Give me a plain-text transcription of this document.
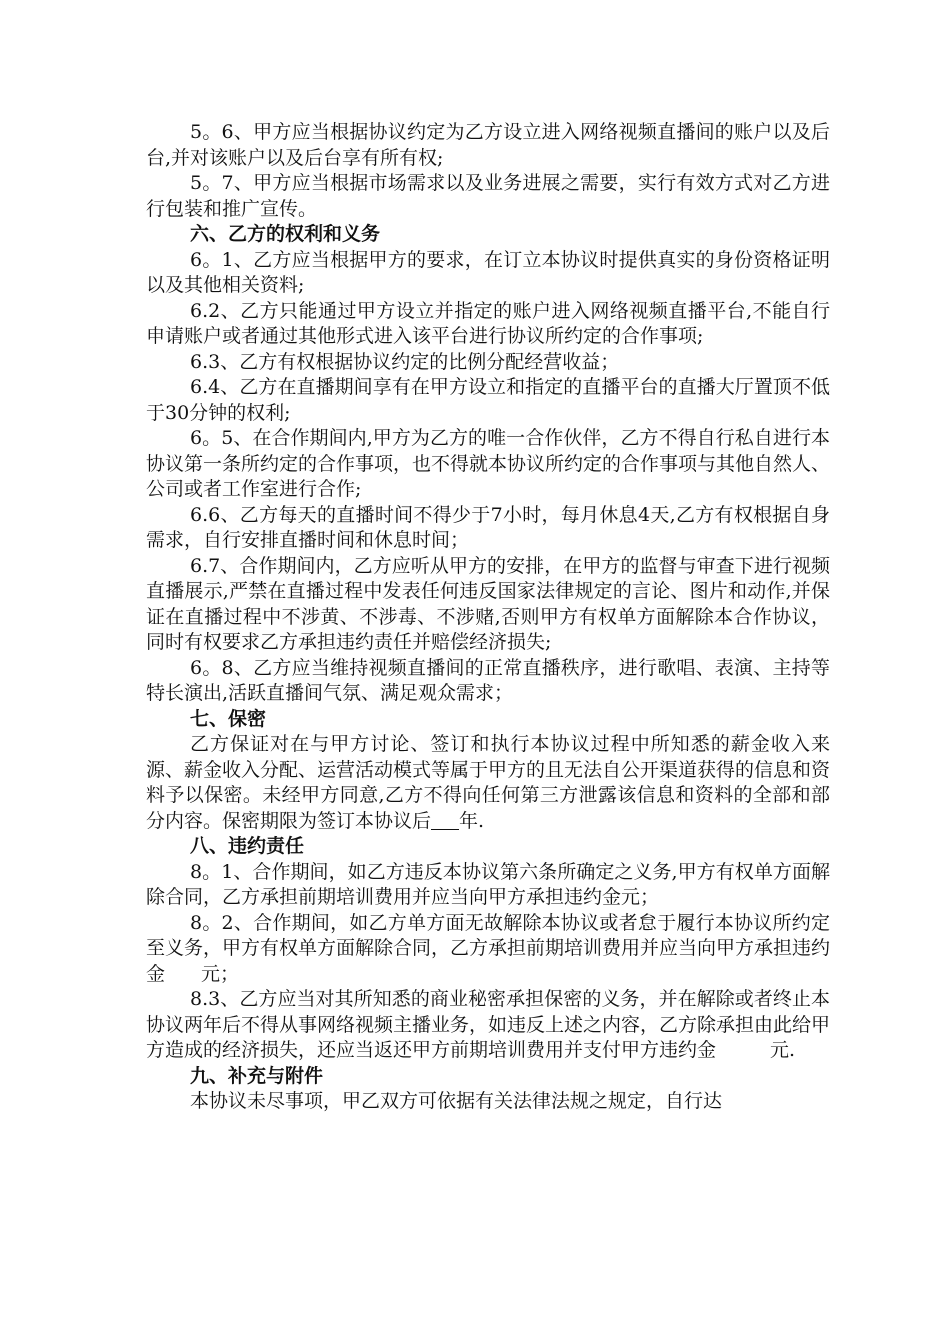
5。6、甲方应当根据协议约定为乙方设立进入网络视频直播间的账户以及后台,并对该账户以及后台享有所有权;

5。7、甲方应当根据市场需求以及业务进展之需要，实行有效方式对乙方进行包装和推广宣传。

六、乙方的权利和义务

6。1、乙方应当根据甲方的要求，在订立本协议时提供真实的身份资格证明以及其他相关资料;

6.2、乙方只能通过甲方设立并指定的账户进入网络视频直播平台,不能自行申请账户或者通过其他形式进入该平台进行协议所约定的合作事项;

6.3、乙方有权根据协议约定的比例分配经营收益；

6.4、乙方在直播期间享有在甲方设立和指定的直播平台的直播大厅置顶不低于30分钟的权利;

6。5、在合作期间内,甲方为乙方的唯一合作伙伴，乙方不得自行私自进行本协议第一条所约定的合作事项，也不得就本协议所约定的合作事项与其他自然人、公司或者工作室进行合作;

6.6、乙方每天的直播时间不得少于7小时，每月休息4天,乙方有权根据自身需求，自行安排直播时间和休息时间；

6.7、合作期间内，乙方应听从甲方的安排，在甲方的监督与审查下进行视频直播展示,严禁在直播过程中发表任何违反国家法律规定的言论、图片和动作,并保证在直播过程中不涉黄、不涉毒、不涉赌,否则甲方有权单方面解除本合作协议，同时有权要求乙方承担违约责任并赔偿经济损失;

6。8、乙方应当维持视频直播间的正常直播秩序，进行歌唱、表演、主持等特长演出,活跃直播间气氛、满足观众需求；

七、保密

乙方保证对在与甲方讨论、签订和执行本协议过程中所知悉的薪金收入来源、薪金收入分配、运营活动模式等属于甲方的且无法自公开渠道获得的信息和资料予以保密。未经甲方同意,乙方不得向任何第三方泄露该信息和资料的全部和部分内容。保密期限为签订本协议后 年.

八、违约责任

8。1、合作期间，如乙方违反本协议第六条所确定之义务,甲方有权单方面解除合同，乙方承担前期培训费用并应当向甲方承担违约金元；

8。2、合作期间，如乙方单方面无故解除本协议或者怠于履行本协议所约定至义务，甲方有权单方面解除合同，乙方承担前期培训费用并应当向甲方承担违约金 元；

8.3、乙方应当对其所知悉的商业秘密承担保密的义务，并在解除或者终止本协议两年后不得从事网络视频主播业务，如违反上述之内容，乙方除承担由此给甲方造成的经济损失，还应当返还甲方前期培训费用并支付甲方违约金	元.

九、补充与附件

本协议未尽事项，甲乙双方可依据有关法律法规之规定，自行达
